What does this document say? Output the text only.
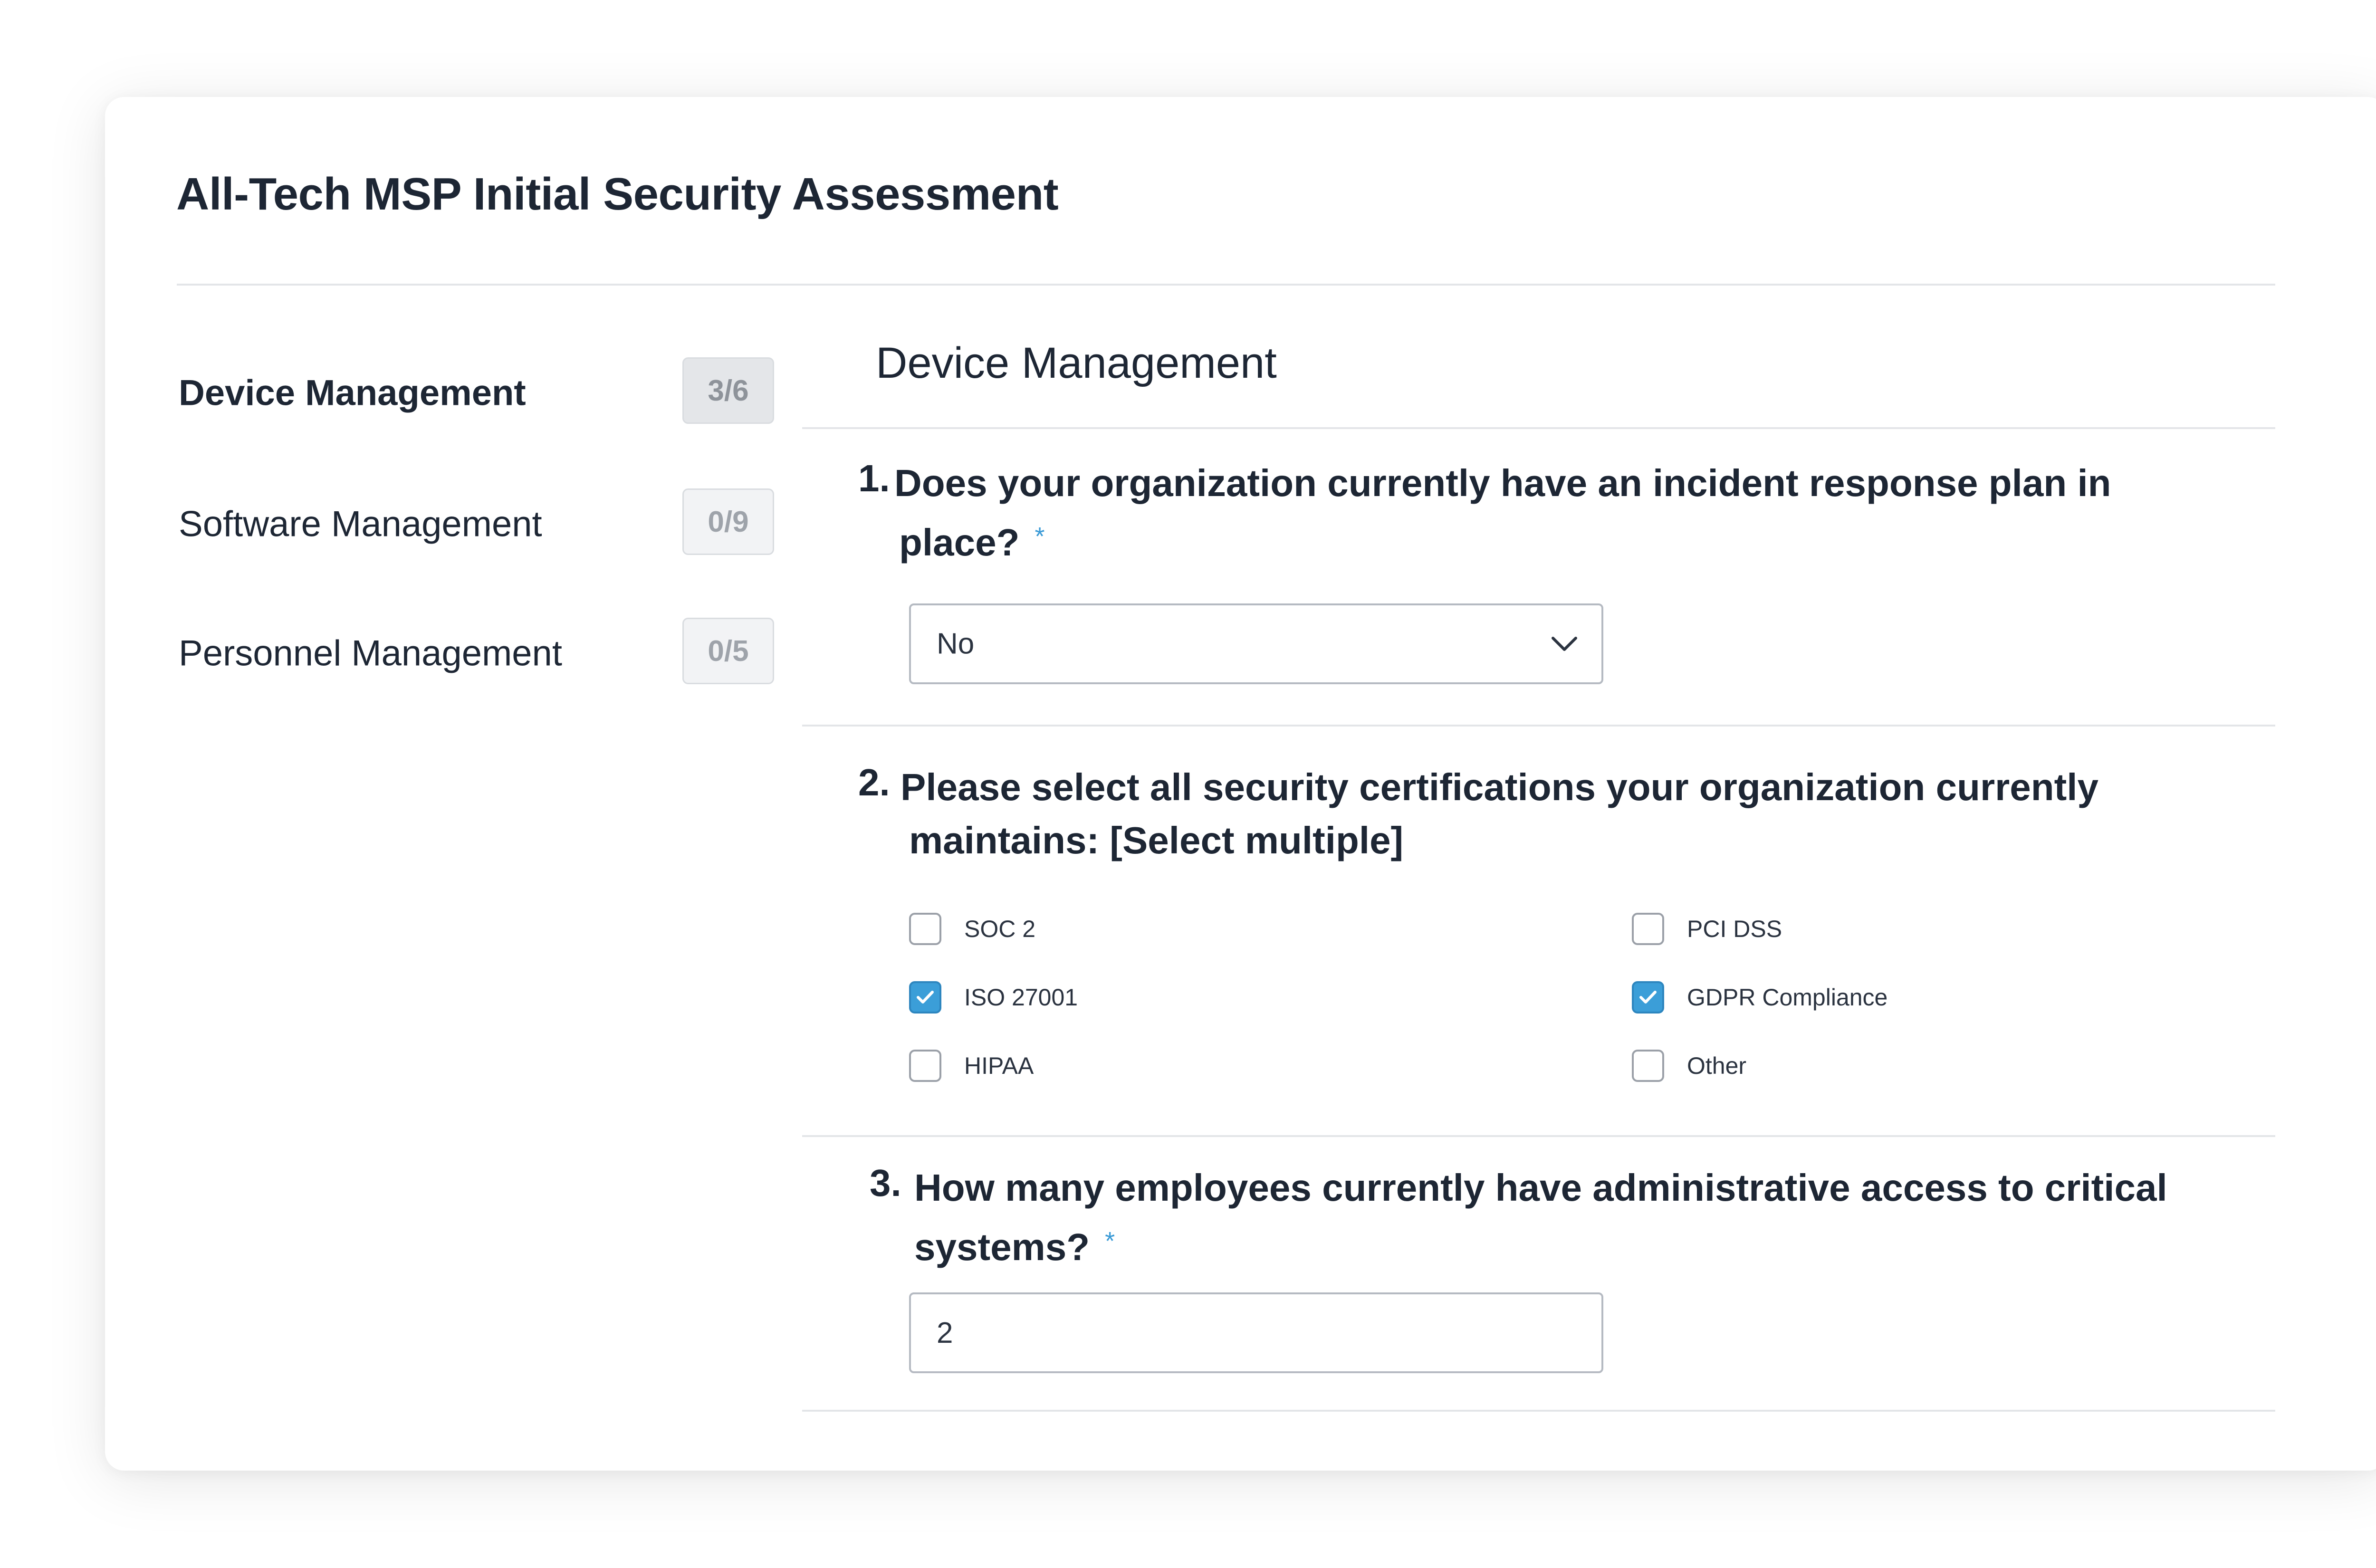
All-Tech MSP Initial Security Assessment
Device Management	3/6
Software Management	0/9
Personnel Management	0/5
Device Management
1. Does your organization currently have an incident response plan in
place? *
No
2. Please select all security certifications your organization currently
maintains: [Select multiple]
SOC 2
ISO 27001
HIPAA
PCI DSS
GDPR Compliance
Other
3. How many employees currently have administrative access to critical
systems? *
2
